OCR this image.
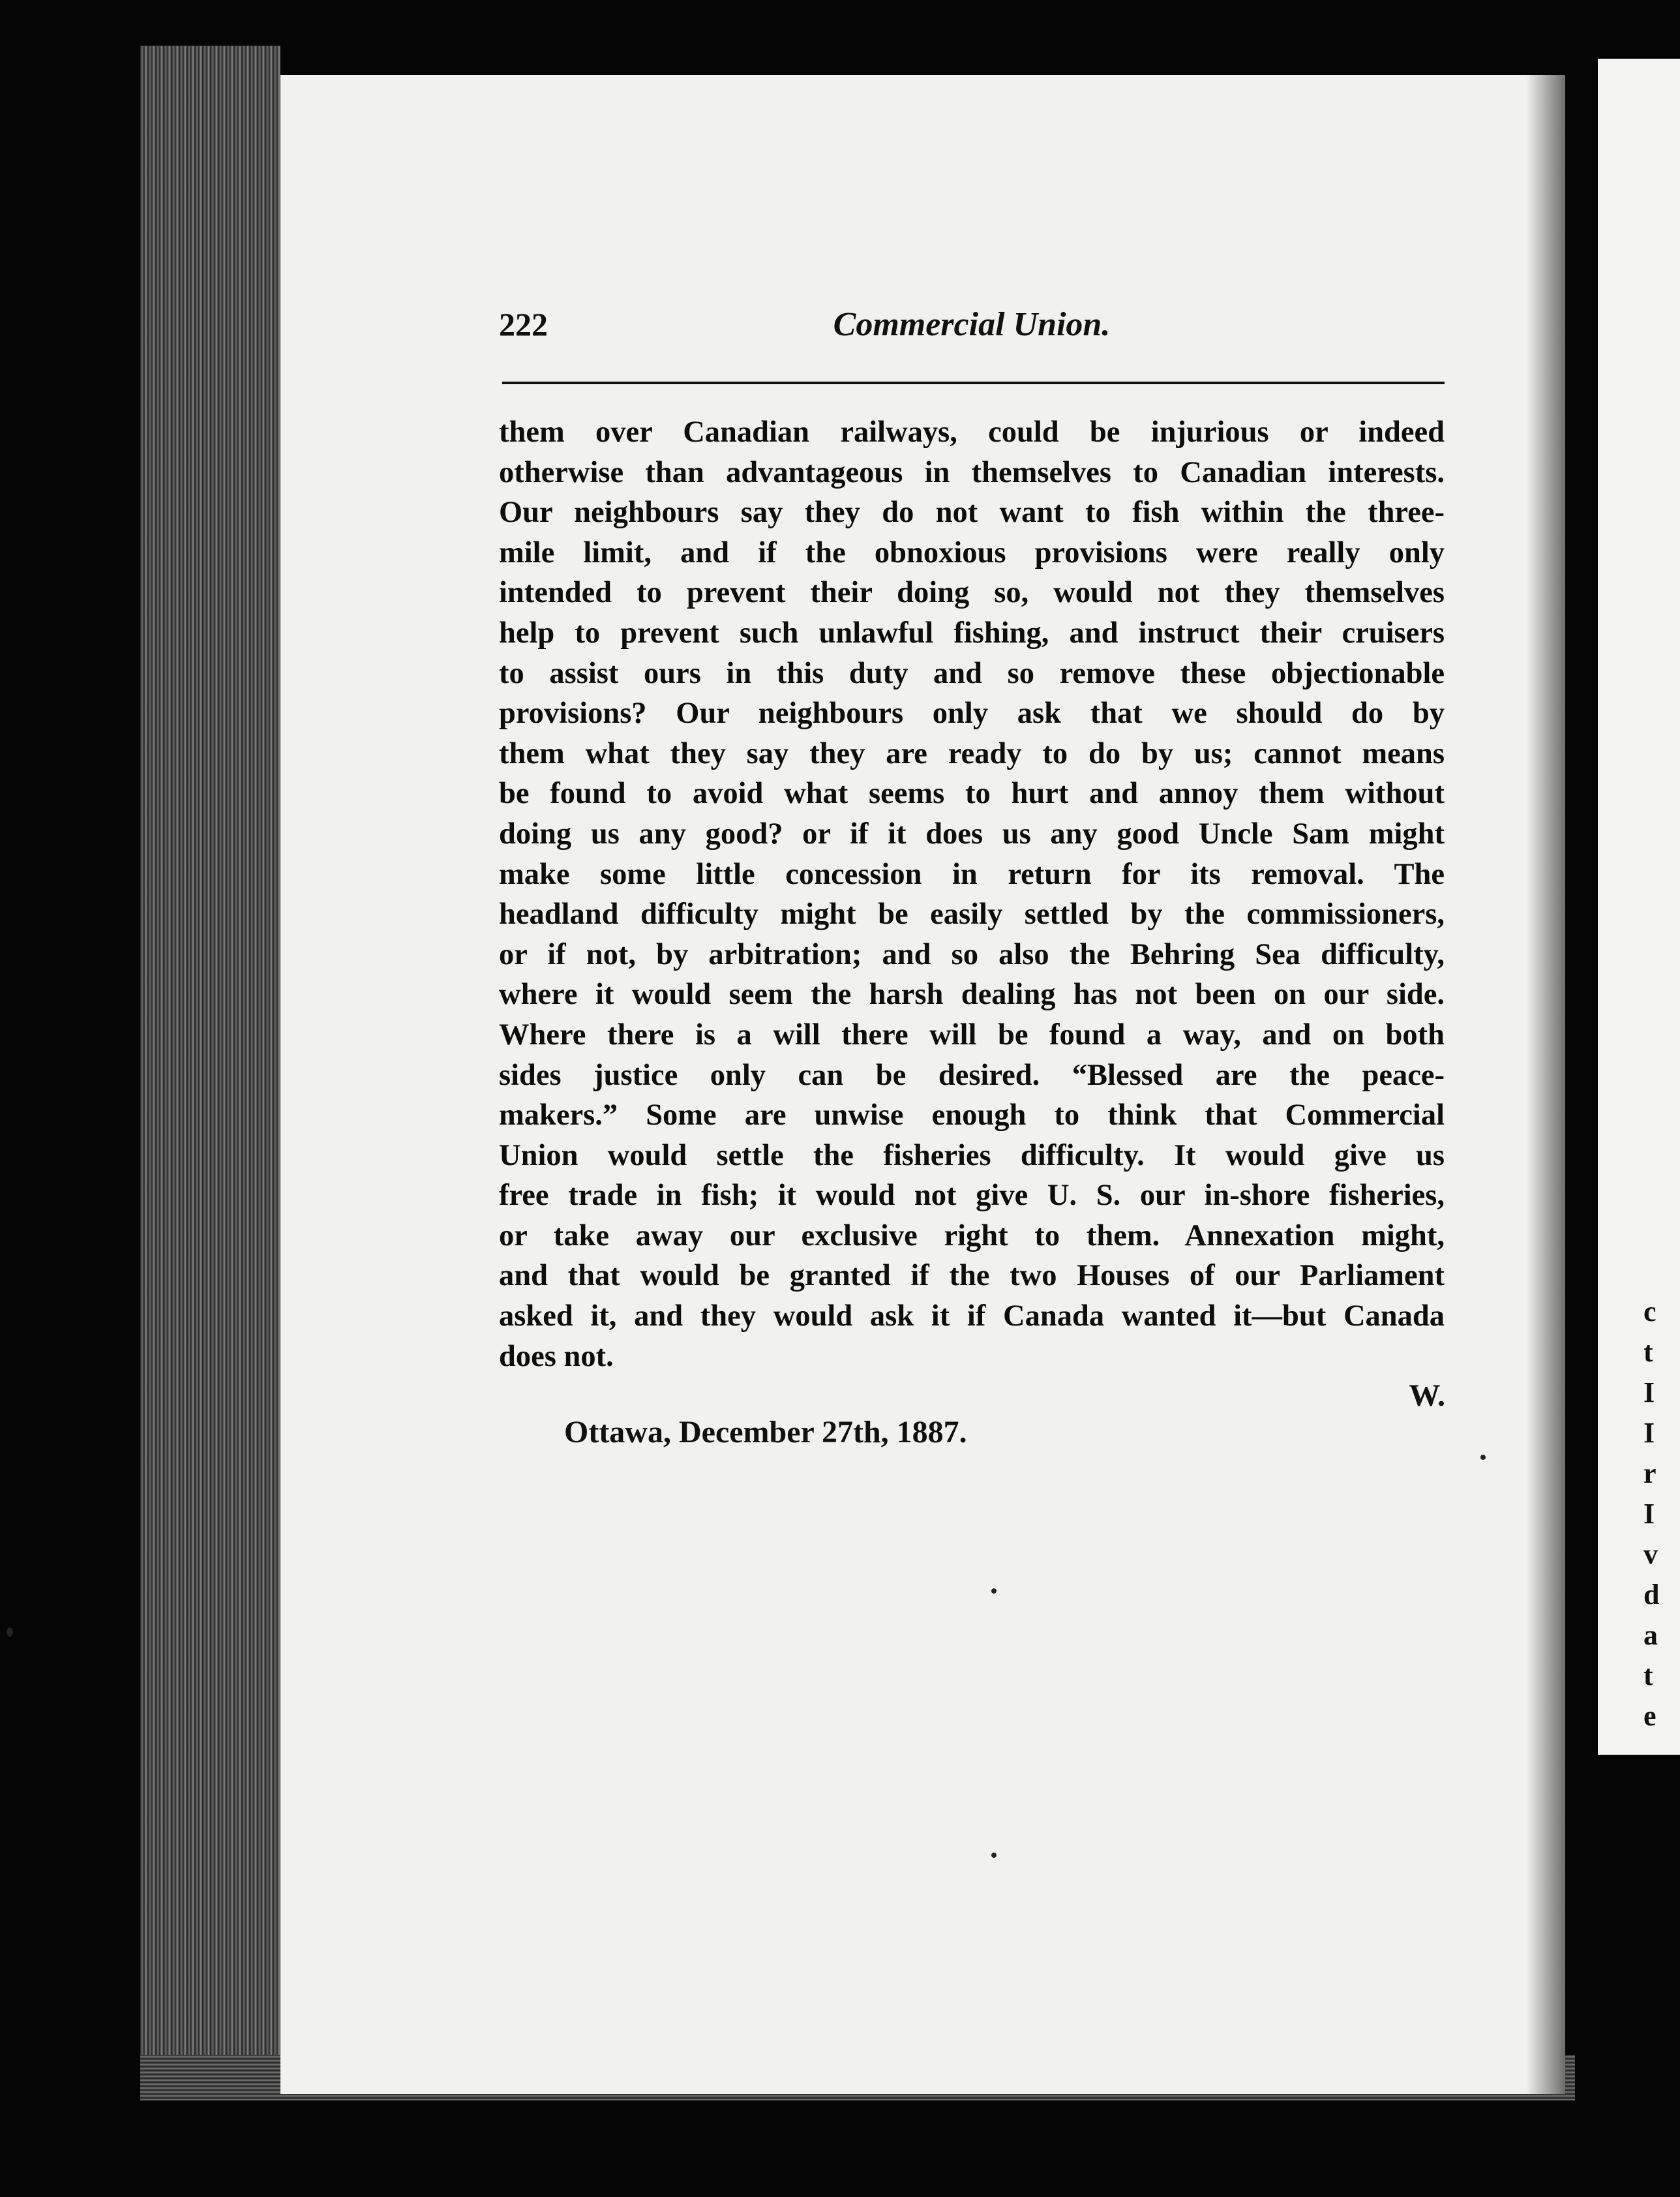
c
t
I
I
r
I
v
d
a
t
e
222	Commercial Union.
them over Canadian railways, could be injurious or indeed
otherwise than advantageous in themselves to Canadian interests.
Our neighbours say they do not want to fish within the three-
mile limit, and if the obnoxious provisions were really only
intended to prevent their doing so, would not they themselves
help to prevent such unlawful fishing, and instruct their cruisers
to assist ours in this duty and so remove these objectionable
provisions? Our neighbours only ask that we should do by
them what they say they are ready to do by us; cannot means
be found to avoid what seems to hurt and annoy them without
doing us any good? or if it does us any good Uncle Sam might
make some little concession in return for its removal. The
headland difficulty might be easily settled by the commissioners,
or if not, by arbitration; and so also the Behring Sea difficulty,
where it would seem the harsh dealing has not been on our side.
Where there is a will there will be found a way, and on both
sides justice only can be desired. “Blessed are the peace-
makers.” Some are unwise enough to think that Commercial
Union would settle the fisheries difficulty. It would give us
free trade in fish; it would not give U. S. our in-shore fisheries,
or take away our exclusive right to them. Annexation might,
and that would be granted if the two Houses of our Parliament
asked it, and they would ask it if Canada wanted it—but Canada
does not.
W.
Ottawa, December 27th, 1887.
